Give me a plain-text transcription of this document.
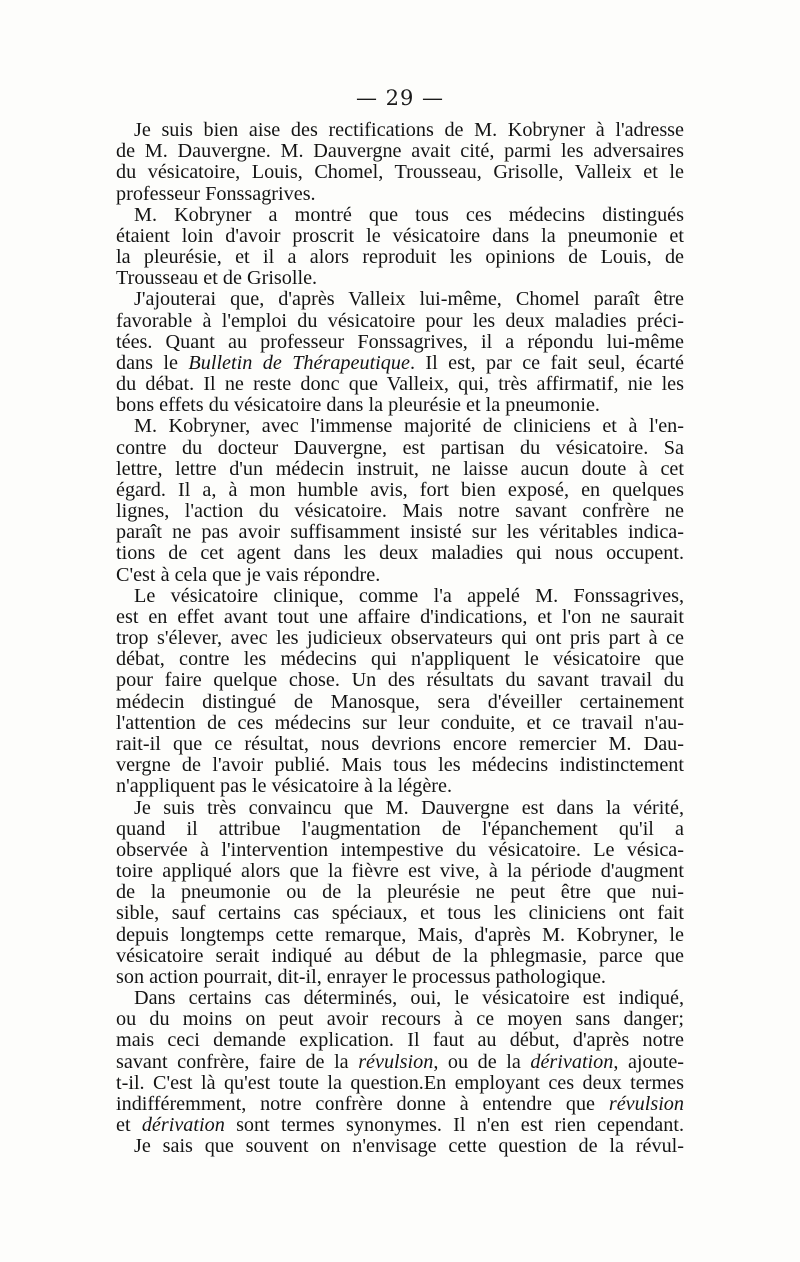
— 29 —
Je suis bien aise des rectifications de M. Kobryner à l'adresse
de M. Dauvergne. M. Dauvergne avait cité, parmi les adversaires
du vésicatoire, Louis, Chomel, Trousseau, Grisolle, Valleix et le
professeur Fonssagrives.
M. Kobryner a montré que tous ces médecins distingués
étaient loin d'avoir proscrit le vésicatoire dans la pneumonie et
la pleurésie, et il a alors reproduit les opinions de Louis, de
Trousseau et de Grisolle.
J'ajouterai que, d'après Valleix lui-même, Chomel paraît être
favorable à l'emploi du vésicatoire pour les deux maladies préci-
tées. Quant au professeur Fonssagrives, il a répondu lui-même
dans le Bulletin de Thérapeutique. Il est, par ce fait seul, écarté
du débat. Il ne reste donc que Valleix, qui, très affirmatif, nie les
bons effets du vésicatoire dans la pleurésie et la pneumonie.
M. Kobryner, avec l'immense majorité de cliniciens et à l'en-
contre du docteur Dauvergne, est partisan du vésicatoire. Sa
lettre, lettre d'un médecin instruit, ne laisse aucun doute à cet
égard. Il a, à mon humble avis, fort bien exposé, en quelques
lignes, l'action du vésicatoire. Mais notre savant confrère ne
paraît ne pas avoir suffisamment insisté sur les véritables indica-
tions de cet agent dans les deux maladies qui nous occupent.
C'est à cela que je vais répondre.
Le vésicatoire clinique, comme l'a appelé M. Fonssagrives,
est en effet avant tout une affaire d'indications, et l'on ne saurait
trop s'élever, avec les judicieux observateurs qui ont pris part à ce
débat, contre les médecins qui n'appliquent le vésicatoire que
pour faire quelque chose. Un des résultats du savant travail du
médecin distingué de Manosque, sera d'éveiller certainement
l'attention de ces médecins sur leur conduite, et ce travail n'au-
rait-il que ce résultat, nous devrions encore remercier M. Dau-
vergne de l'avoir publié. Mais tous les médecins indistinctement
n'appliquent pas le vésicatoire à la légère.
Je suis très convaincu que M. Dauvergne est dans la vérité,
quand il attribue l'augmentation de l'épanchement qu'il a
observée à l'intervention intempestive du vésicatoire. Le vésica-
toire appliqué alors que la fièvre est vive, à la période d'augment
de la pneumonie ou de la pleurésie ne peut être que nui-
sible, sauf certains cas spéciaux, et tous les cliniciens ont fait
depuis longtemps cette remarque, Mais, d'après M. Kobryner, le
vésicatoire serait indiqué au début de la phlegmasie, parce que
son action pourrait, dit-il, enrayer le processus pathologique.
Dans certains cas déterminés, oui, le vésicatoire est indiqué,
ou du moins on peut avoir recours à ce moyen sans danger;
mais ceci demande explication. Il faut au début, d'après notre
savant confrère, faire de la révulsion, ou de la dérivation, ajoute-
t-il. C'est là qu'est toute la question.En employant ces deux termes
indifféremment, notre confrère donne à entendre que révulsion
et dérivation sont termes synonymes. Il n'en est rien cependant.
Je sais que souvent on n'envisage cette question de la révul-
